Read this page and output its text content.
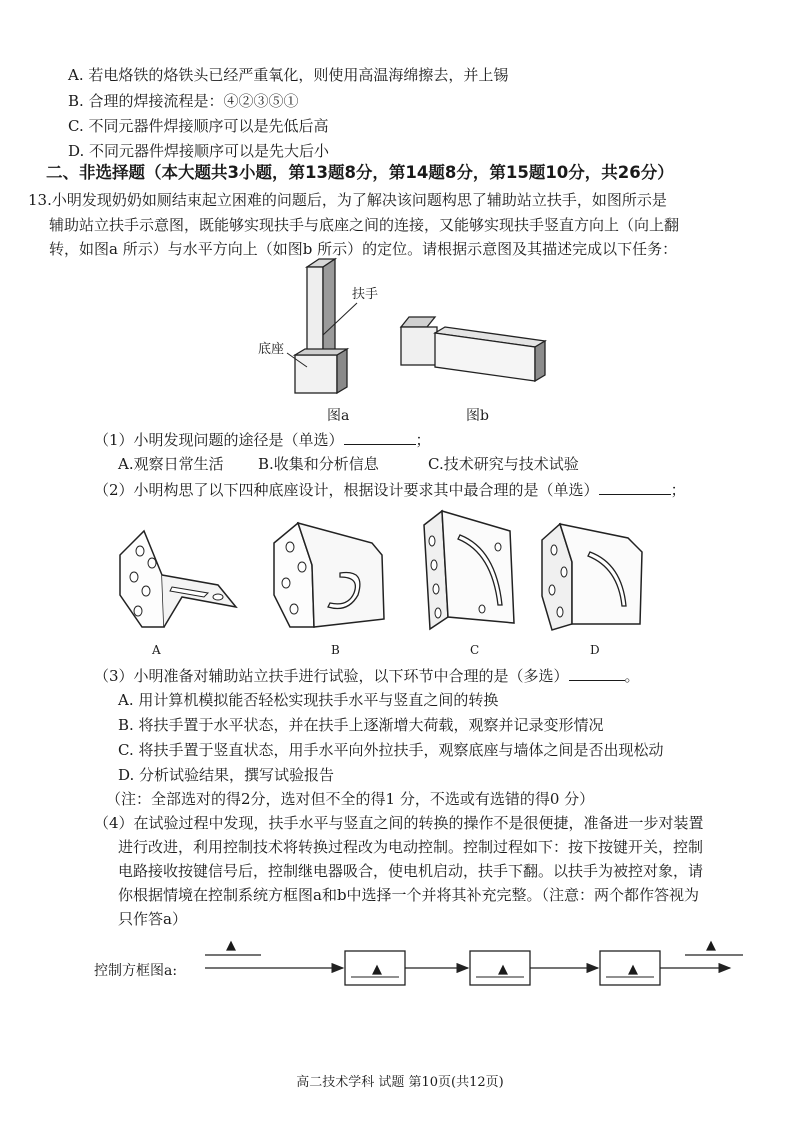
A. 若电烙铁的烙铁头已经严重氧化，则使用高温海绵擦去，并上锡
B. 合理的焊接流程是：④②③⑤①
C. 不同元器件焊接顺序可以是先低后高
D. 不同元器件焊接顺序可以是先大后小
二、非选择题（本大题共3小题，第13题8分，第14题8分，第15题10分，共26分）
13.小明发现奶奶如厕结束起立困难的问题后，为了解决该问题构思了辅助站立扶手，如图所示是
辅助站立扶手示意图，既能够实现扶手与底座之间的连接，又能够实现扶手竖直方向上（向上翻
转，如图a 所示）与水平方向上（如图b 所示）的定位。请根据示意图及其描述完成以下任务：
扶手
底座
图a	图b
（1）小明发现问题的途径是（单选）	；
A.观察日常生活 B.收集和分析信息	C.技术研究与技术试验
（2）小明构思了以下四种底座设计，根据设计要求其中最合理的是（单选）	；
A	B	C	D
（3）小明准备对辅助站立扶手进行试验，以下环节中合理的是（多选）	。
A. 用计算机模拟能否轻松实现扶手水平与竖直之间的转换
B. 将扶手置于水平状态，并在扶手上逐渐增大荷载，观察并记录变形情况
C. 将扶手置于竖直状态，用手水平向外拉扶手，观察底座与墙体之间是否出现松动
D. 分析试验结果，撰写试验报告
（注：全部选对的得2分，选对但不全的得1 分，不选或有选错的得0 分）
（4）在试验过程中发现，扶手水平与竖直之间的转换的操作不是很便捷，准备进一步对装置
进行改进，利用控制技术将转换过程改为电动控制。控制过程如下：按下按键开关，控制
电路接收按键信号后，控制继电器吸合，使电机启动，扶手下翻。以扶手为被控对象，请
你根据情境在控制系统方框图a和b中选择一个并将其补充完整。（注意：两个都作答视为
只作答a）
控制方框图a:
▲
▲	▲	▲
▲
高二技术学科 试题 第10页(共12页)
